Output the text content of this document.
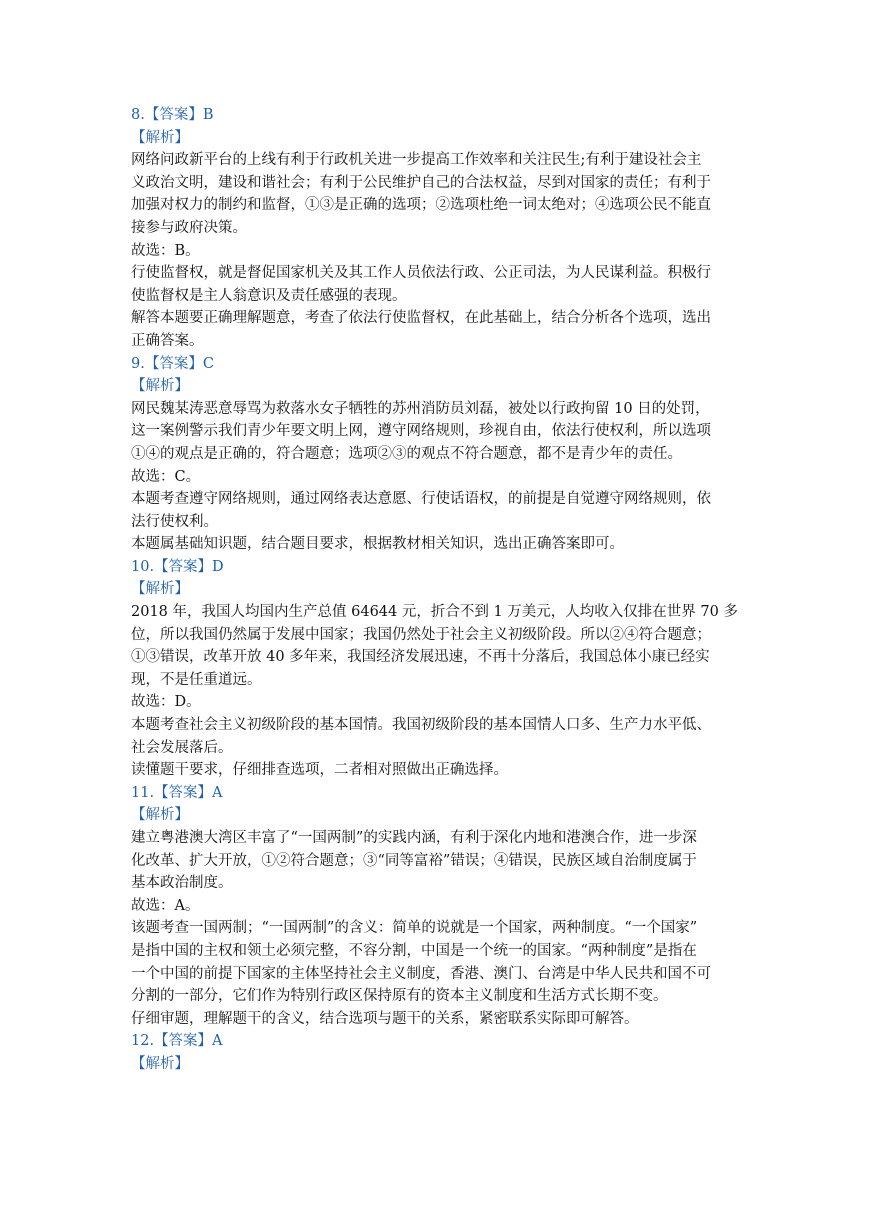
8.【答案】B
【解析】
网络问政新平台的上线有利于行政机关进一步提高工作效率和关注民生;有利于建设社会主
义政治文明，建设和谐社会；有利于公民维护自己的合法权益，尽到对国家的责任；有利于
加强对权力的制约和监督，①③是正确的选项；②选项杜绝一词太绝对；④选项公民不能直
接参与政府决策。
故选：B。
行使监督权，就是督促国家机关及其工作人员依法行政、公正司法，为人民谋利益。积极行
使监督权是主人翁意识及责任感强的表现。
解答本题要正确理解题意，考查了依法行使监督权，在此基础上，结合分析各个选项，选出
正确答案。
9.【答案】C
【解析】
网民魏某涛恶意辱骂为救落水女子牺牲的苏州消防员刘磊，被处以行政拘留 10 日的处罚，
这一案例警示我们青少年要文明上网，遵守网络规则，珍视自由，依法行使权利，所以选项
①④的观点是正确的，符合题意；选项②③的观点不符合题意，都不是青少年的责任。
故选：C。
本题考查遵守网络规则，通过网络表达意愿、行使话语权，的前提是自觉遵守网络规则，依
法行使权利。
本题属基础知识题，结合题目要求，根据教材相关知识，选出正确答案即可。
10.【答案】D
【解析】
2018 年，我国人均国内生产总值 64644 元，折合不到 1 万美元，人均收入仅排在世界 70 多
位，所以我国仍然属于发展中国家；我国仍然处于社会主义初级阶段。所以②④符合题意；
①③错误，改革开放 40 多年来，我国经济发展迅速，不再十分落后，我国总体小康已经实
现，不是任重道远。
故选：D。
本题考查社会主义初级阶段的基本国情。我国初级阶段的基本国情人口多、生产力水平低、
社会发展落后。
读懂题干要求，仔细排查选项，二者相对照做出正确选择。
11.【答案】A
【解析】
建立粤港澳大湾区丰富了“一国两制”的实践内涵，有利于深化内地和港澳合作，进一步深
化改革、扩大开放，①②符合题意；③“同等富裕”错误；④错误，民族区域自治制度属于
基本政治制度。
故选：A。
该题考查一国两制；“一国两制”的含义：简单的说就是一个国家，两种制度。“一个国家”
是指中国的主权和领土必须完整，不容分割，中国是一个统一的国家。“两种制度”是指在
一个中国的前提下国家的主体坚持社会主义制度，香港、澳门、台湾是中华人民共和国不可
分割的一部分，它们作为特别行政区保持原有的资本主义制度和生活方式长期不变。
仔细审题，理解题干的含义，结合选项与题干的关系，紧密联系实际即可解答。
12.【答案】A
【解析】
